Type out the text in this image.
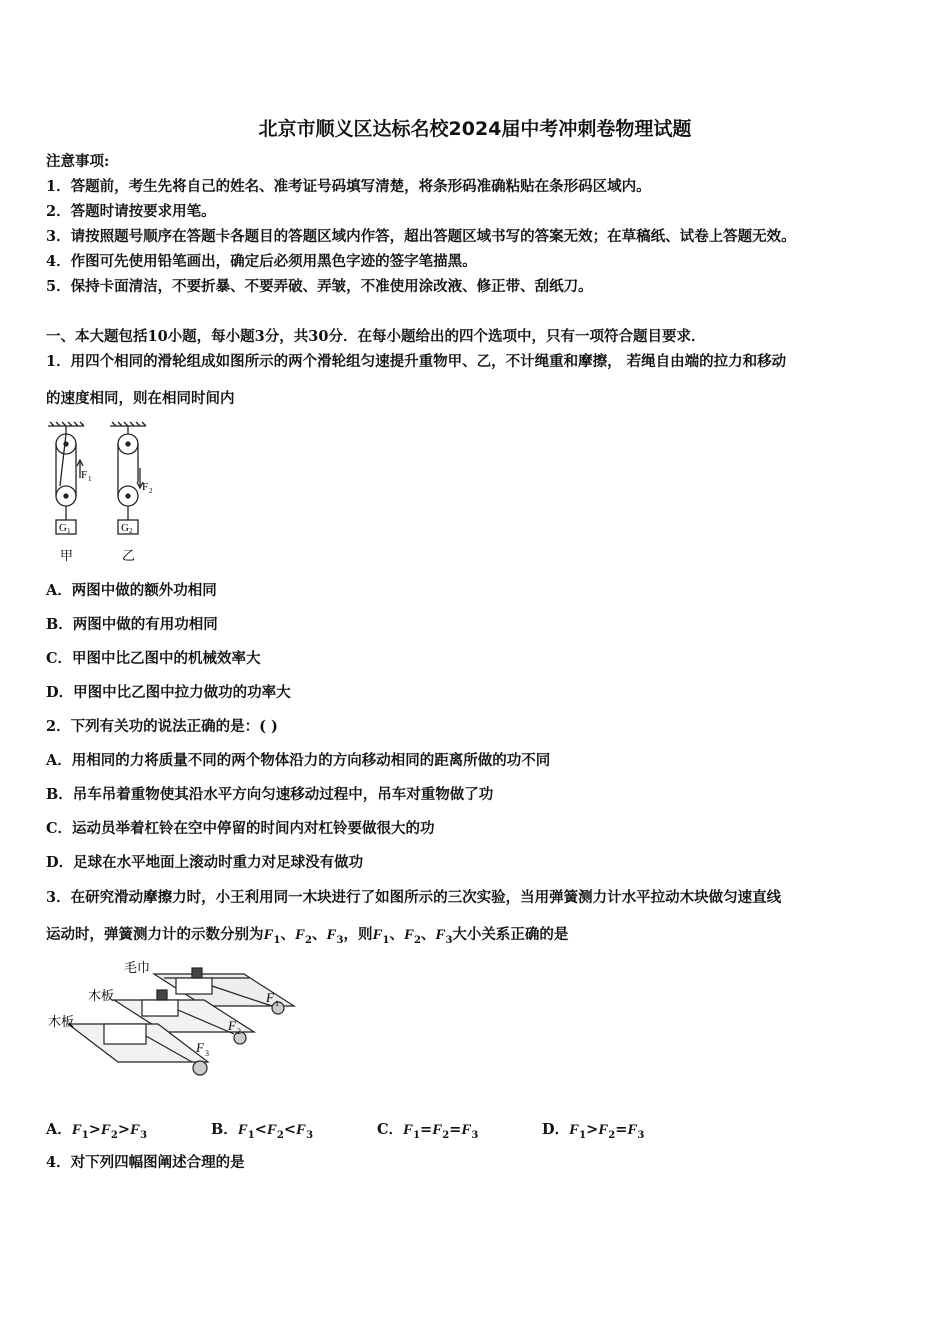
北京市顺义区达标名校2024届中考冲刺卷物理试题
注意事项:
1．答题前，考生先将自己的姓名、准考证号码填写清楚，将条形码准确粘贴在条形码区域内。
2．答题时请按要求用笔。
3．请按照题号顺序在答题卡各题目的答题区域内作答，超出答题区域书写的答案无效；在草稿纸、试卷上答题无效。
4．作图可先使用铅笔画出，确定后必须用黑色字迹的签字笔描黑。
5．保持卡面清洁，不要折暴、不要弄破、弄皱，不准使用涂改液、修正带、刮纸刀。
一、本大题包括10小题，每小题3分，共30分．在每小题给出的四个选项中，只有一项符合题目要求．
1．用四个相同的滑轮组成如图所示的两个滑轮组匀速提升重物甲、乙，不计绳重和摩擦， 若绳自由端的拉力和移动
的速度相同，则在相同时间内
F 1
F 2
G 1	G 2
甲	乙
A．两图中做的额外功相同
B．两图中做的有用功相同
C．甲图中比乙图中的机械效率大
D．甲图中比乙图中拉力做功的功率大
2．下列有关功的说法正确的是：( )
A．用相同的力将质量不同的两个物体沿力的方向移动相同的距离所做的功不同
B．吊车吊着重物使其沿水平方向匀速移动过程中，吊车对重物做了功
C．运动员举着杠铃在空中停留的时间内对杠铃要做很大的功
D．足球在水平地面上滚动时重力对足球没有做功
3．在研究滑动摩擦力时，小王利用同一木块进行了如图所示的三次实验，当用弹簧测力计水平拉动木块做匀速直线
运动时，弹簧测力计的示数分别为$F_1$、$F_2$、$F_3$，则$F_1$、$F_2$、$F_3$大小关系正确的是
毛巾
木板
木板
F 1
F 2
F 3
A．$F_1>F_2>F_3$	B．$F_1<F_2<F_3$	C．$F_1=F_2=F_3$	D．$F_1>F_2=F_3$
4．对下列四幅图阐述合理的是
